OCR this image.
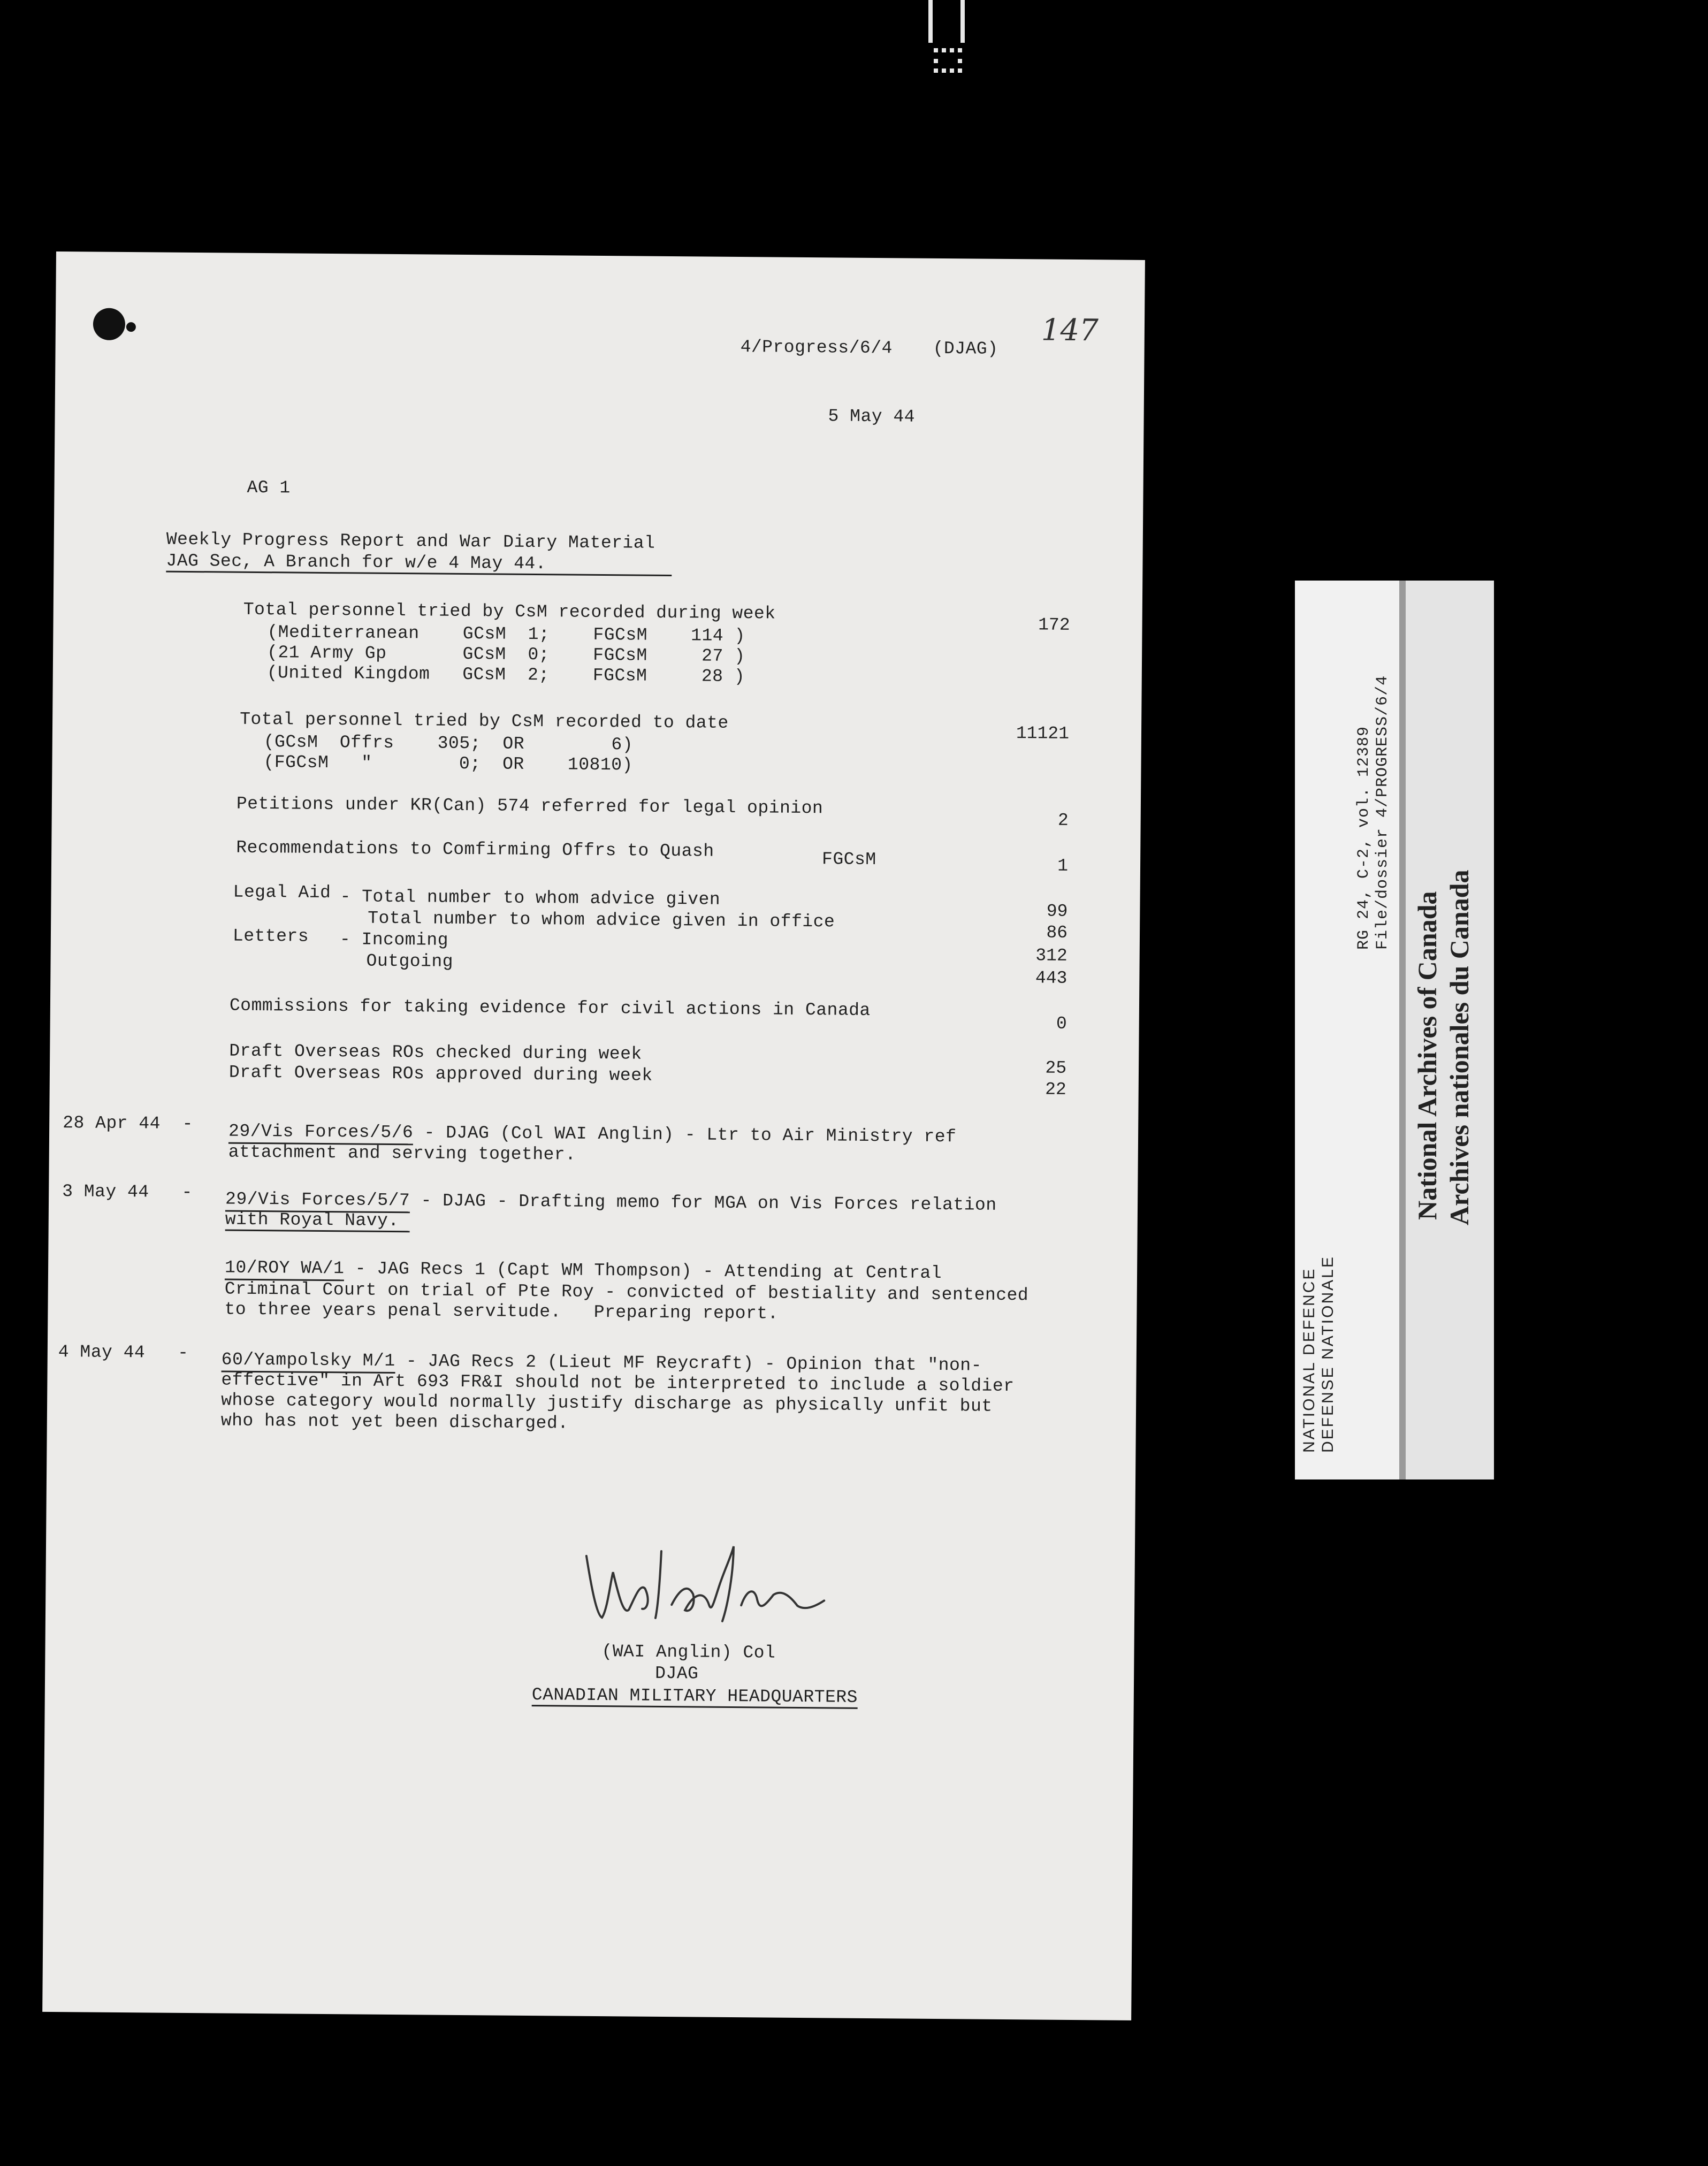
4/Progress/6/4 (DJAG)
147
5 May 44
AG 1
Weekly Progress Report and War Diary Material
JAG Sec, A Branch for w/e 4 May 44.
Total personnel tried by CsM recorded during week
172
(Mediterranean    GCsM  1;    FGCsM    114 )
(21 Army Gp       GCsM  0;    FGCsM     27 )
(United Kingdom   GCsM  2;    FGCsM     28 )
Total personnel tried by CsM recorded to date
11121
(GCsM  Offrs    305;  OR        6)
(FGCsM   "        0;  OR    10810)
Petitions under KR(Can) 574 referred for legal opinion
2
Recommendations to Comfirming Offrs to Quash	FGCsM	1
Legal Aid - Total number to whom advice given
99
Total number to whom advice given in office
86
Letters - Incoming
312
Outgoing
443
Commissions for taking evidence for civil actions in Canada
0
Draft Overseas ROs checked during week
25
Draft Overseas ROs approved during week
22
28 Apr 44  - 29/Vis Forces/5/6 - DJAG (Col WAI Anglin) - Ltr to Air Ministry ref
attachment and serving together.
3 May 44   - 29/Vis Forces/5/7 - DJAG - Drafting memo for MGA on Vis Forces relation
with Royal Navy.
10/ROY WA/1 - JAG Recs 1 (Capt WM Thompson) - Attending at Central
Criminal Court on trial of Pte Roy - convicted of bestiality and sentenced
to three years penal servitude.   Preparing report.
4 May 44   - 60/Yampolsky M/1 - JAG Recs 2 (Lieut MF Reycraft) - Opinion that "non-
effective" in Art 693 FR&I should not be interpreted to include a soldier
whose category would normally justify discharge as physically unfit but
who has not yet been discharged.
(WAI Anglin) Col
DJAG
CANADIAN MILITARY HEADQUARTERS
NATIONAL DEFENCE DEFENSE NATIONALE
RG 24, C-2, vol. 12389 File/dossier 4/PROGRESS/6/4
National Archives of Canada Archives nationales du Canada
